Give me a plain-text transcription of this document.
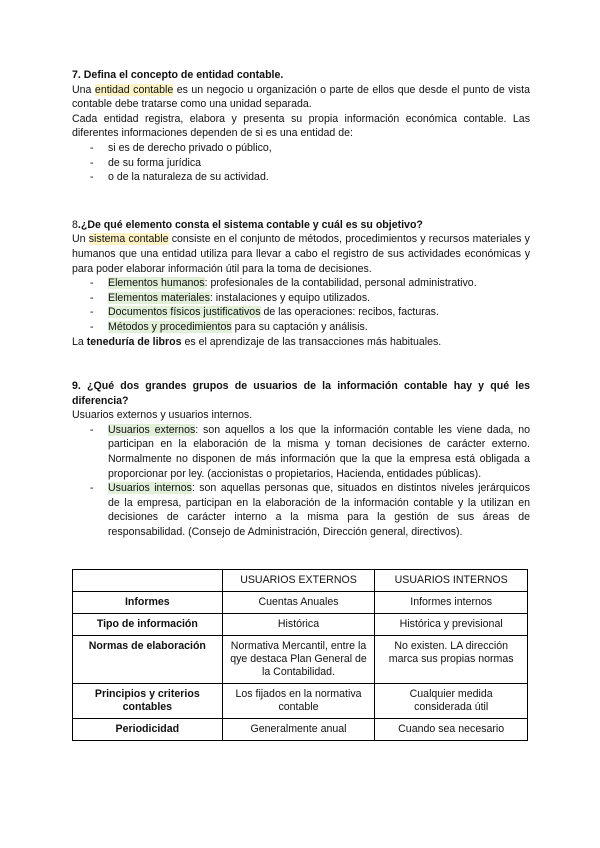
7. Defina el concepto de entidad contable.

Una entidad contable es un negocio u organización o parte de ellos que desde el punto de vista contable debe tratarse como una unidad separada.

Cada entidad registra, elabora y presenta su propia información económica contable. Las diferentes informaciones dependen de si es una entidad de:

- si es de derecho privado o público,
- de su forma jurídica
- o de la naturaleza de su actividad.

8.¿De qué elemento consta el sistema contable y cuál es su objetivo?

Un sistema contable consiste en el conjunto de métodos, procedimientos y recursos materiales y humanos que una entidad utiliza para llevar a cabo el registro de sus actividades económicas y para poder elaborar información útil para la toma de decisiones.

- Elementos humanos: profesionales de la contabilidad, personal administrativo.
- Elementos materiales: instalaciones y equipo utilizados.
- Documentos físicos justificativos de las operaciones: recibos, facturas.
- Métodos y procedimientos para su captación y análisis.

La teneduría de libros es el aprendizaje de las transacciones más habituales.

9. ¿Qué dos grandes grupos de usuarios de la información contable hay y qué les diferencia?

Usuarios externos y usuarios internos.

- Usuarios externos: son aquellos a los que la información contable les viene dada, no participan en la elaboración de la misma y toman decisiones de carácter externo. Normalmente no disponen de más información que la que la empresa está obligada a proporcionar por ley. (accionistas o propietarios, Hacienda, entidades públicas).
- Usuarios internos: son aquellas personas que, situados en distintos niveles jerárquicos de la empresa, participan en la elaboración de la información contable y la utilizan en decisiones de carácter interno a la misma para la gestión de sus áreas de responsabilidad. (Consejo de Administración, Dirección general, directivos).
	USUARIOS EXTERNOS	USUARIOS INTERNOS
Informes	Cuentas Anuales	Informes internos
Tipo de información	Histórica	Histórica y previsional
Normas de elaboración	Normativa Mercantil, entre la qye destaca Plan General de la Contabilidad.	No existen. LA dirección marca sus propias normas
Principios y criterios contables	Los fijados en la normativa contable	Cualquier medida considerada útil
Periodicidad	Generalmente anual	Cuando sea necesario
